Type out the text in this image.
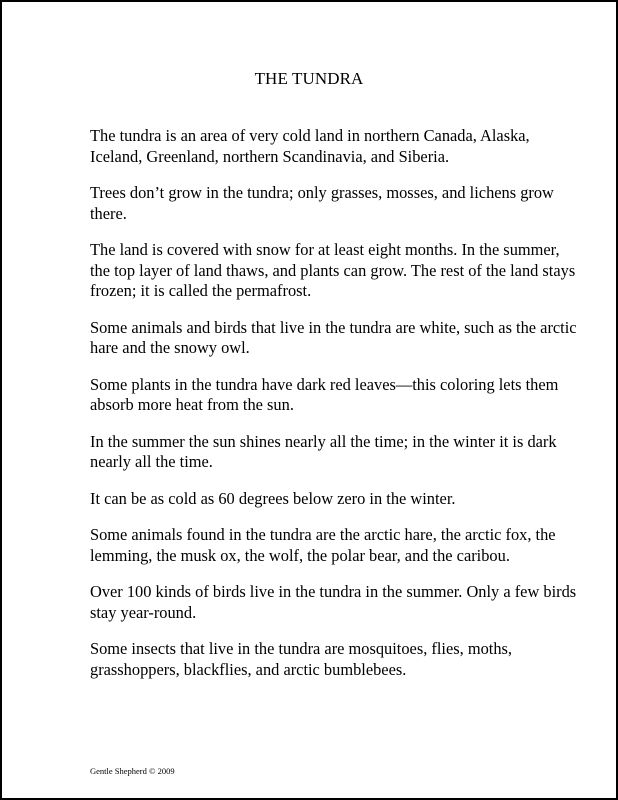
THE TUNDRA

The tundra is an area of very cold land in northern Canada, Alaska, Iceland, Greenland, northern Scandinavia, and Siberia.

Trees don’t grow in the tundra; only grasses, mosses, and lichens grow there.

The land is covered with snow for at least eight months. In the summer, the top layer of land thaws, and plants can grow. The rest of the land stays frozen; it is called the permafrost.

Some animals and birds that live in the tundra are white, such as the arctic hare and the snowy owl.

Some plants in the tundra have dark red leaves—this coloring lets them absorb more heat from the sun.

In the summer the sun shines nearly all the time; in the winter it is dark nearly all the time.

It can be as cold as 60 degrees below zero in the winter.

Some animals found in the tundra are the arctic hare, the arctic fox, the lemming, the musk ox, the wolf, the polar bear, and the caribou.

Over 100 kinds of birds live in the tundra in the summer. Only a few birds stay year-round.

Some insects that live in the tundra are mosquitoes, flies, moths, grasshoppers, blackflies, and arctic bumblebees.

Gentle Shepherd © 2009
